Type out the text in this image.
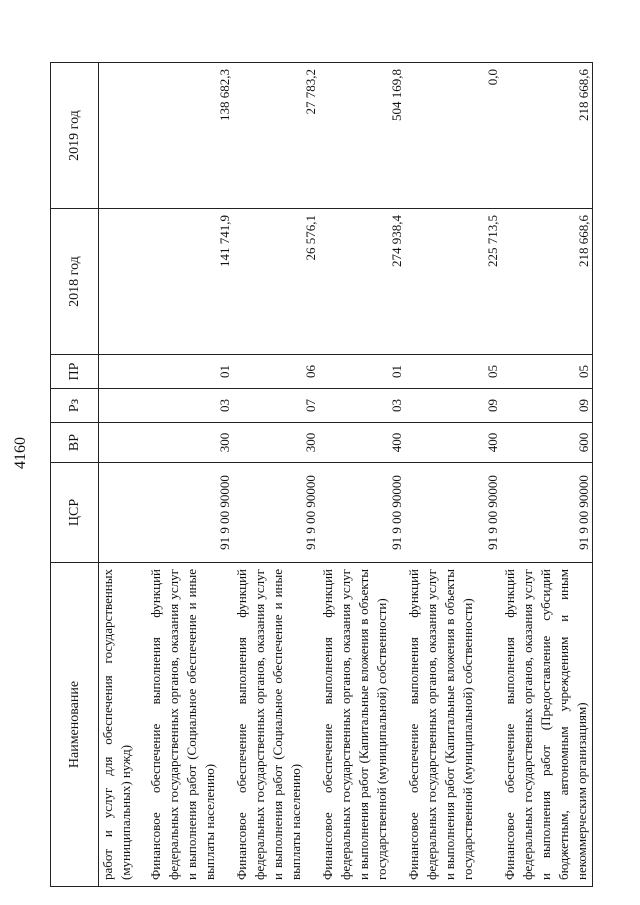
4160
Наименование	ЦСР	ВР	Рз	ПР	2018 год	2019 год
работ и услуг для обеспечения государственных (муниципальных) нужд)						
Финансовое обеспечение выполнения функций федеральных государственных органов, оказания услуг и выполнения работ (Социальное обеспечение и иные выплаты населению)	91 9 00 90000	300	03	01	141 741,9	138 682,3
Финансовое обеспечение выполнения функций федеральных государственных органов, оказания услуг и выполнения работ (Социальное обеспечение и иные выплаты населению)	91 9 00 90000	300	07	06	26 576,1	27 783,2
Финансовое обеспечение выполнения функций федеральных государственных органов, оказания услуг и выполнения работ (Капитальные вложения в объекты государственной (муниципальной) собственности)	91 9 00 90000	400	03	01	274 938,4	504 169,8
Финансовое обеспечение выполнения функций федеральных государственных органов, оказания услуг и выполнения работ (Капитальные вложения в объекты государственной (муниципальной) собственности)	91 9 00 90000	400	09	05	225 713,5	0,0
Финансовое обеспечение выполнения функций федеральных государственных органов, оказания услуг и выполнения работ (Предоставление субсидий бюджетным, автономным учреждениям и иным некоммерческим организациям)	91 9 00 90000	600	09	05	218 668,6	218 668,6
